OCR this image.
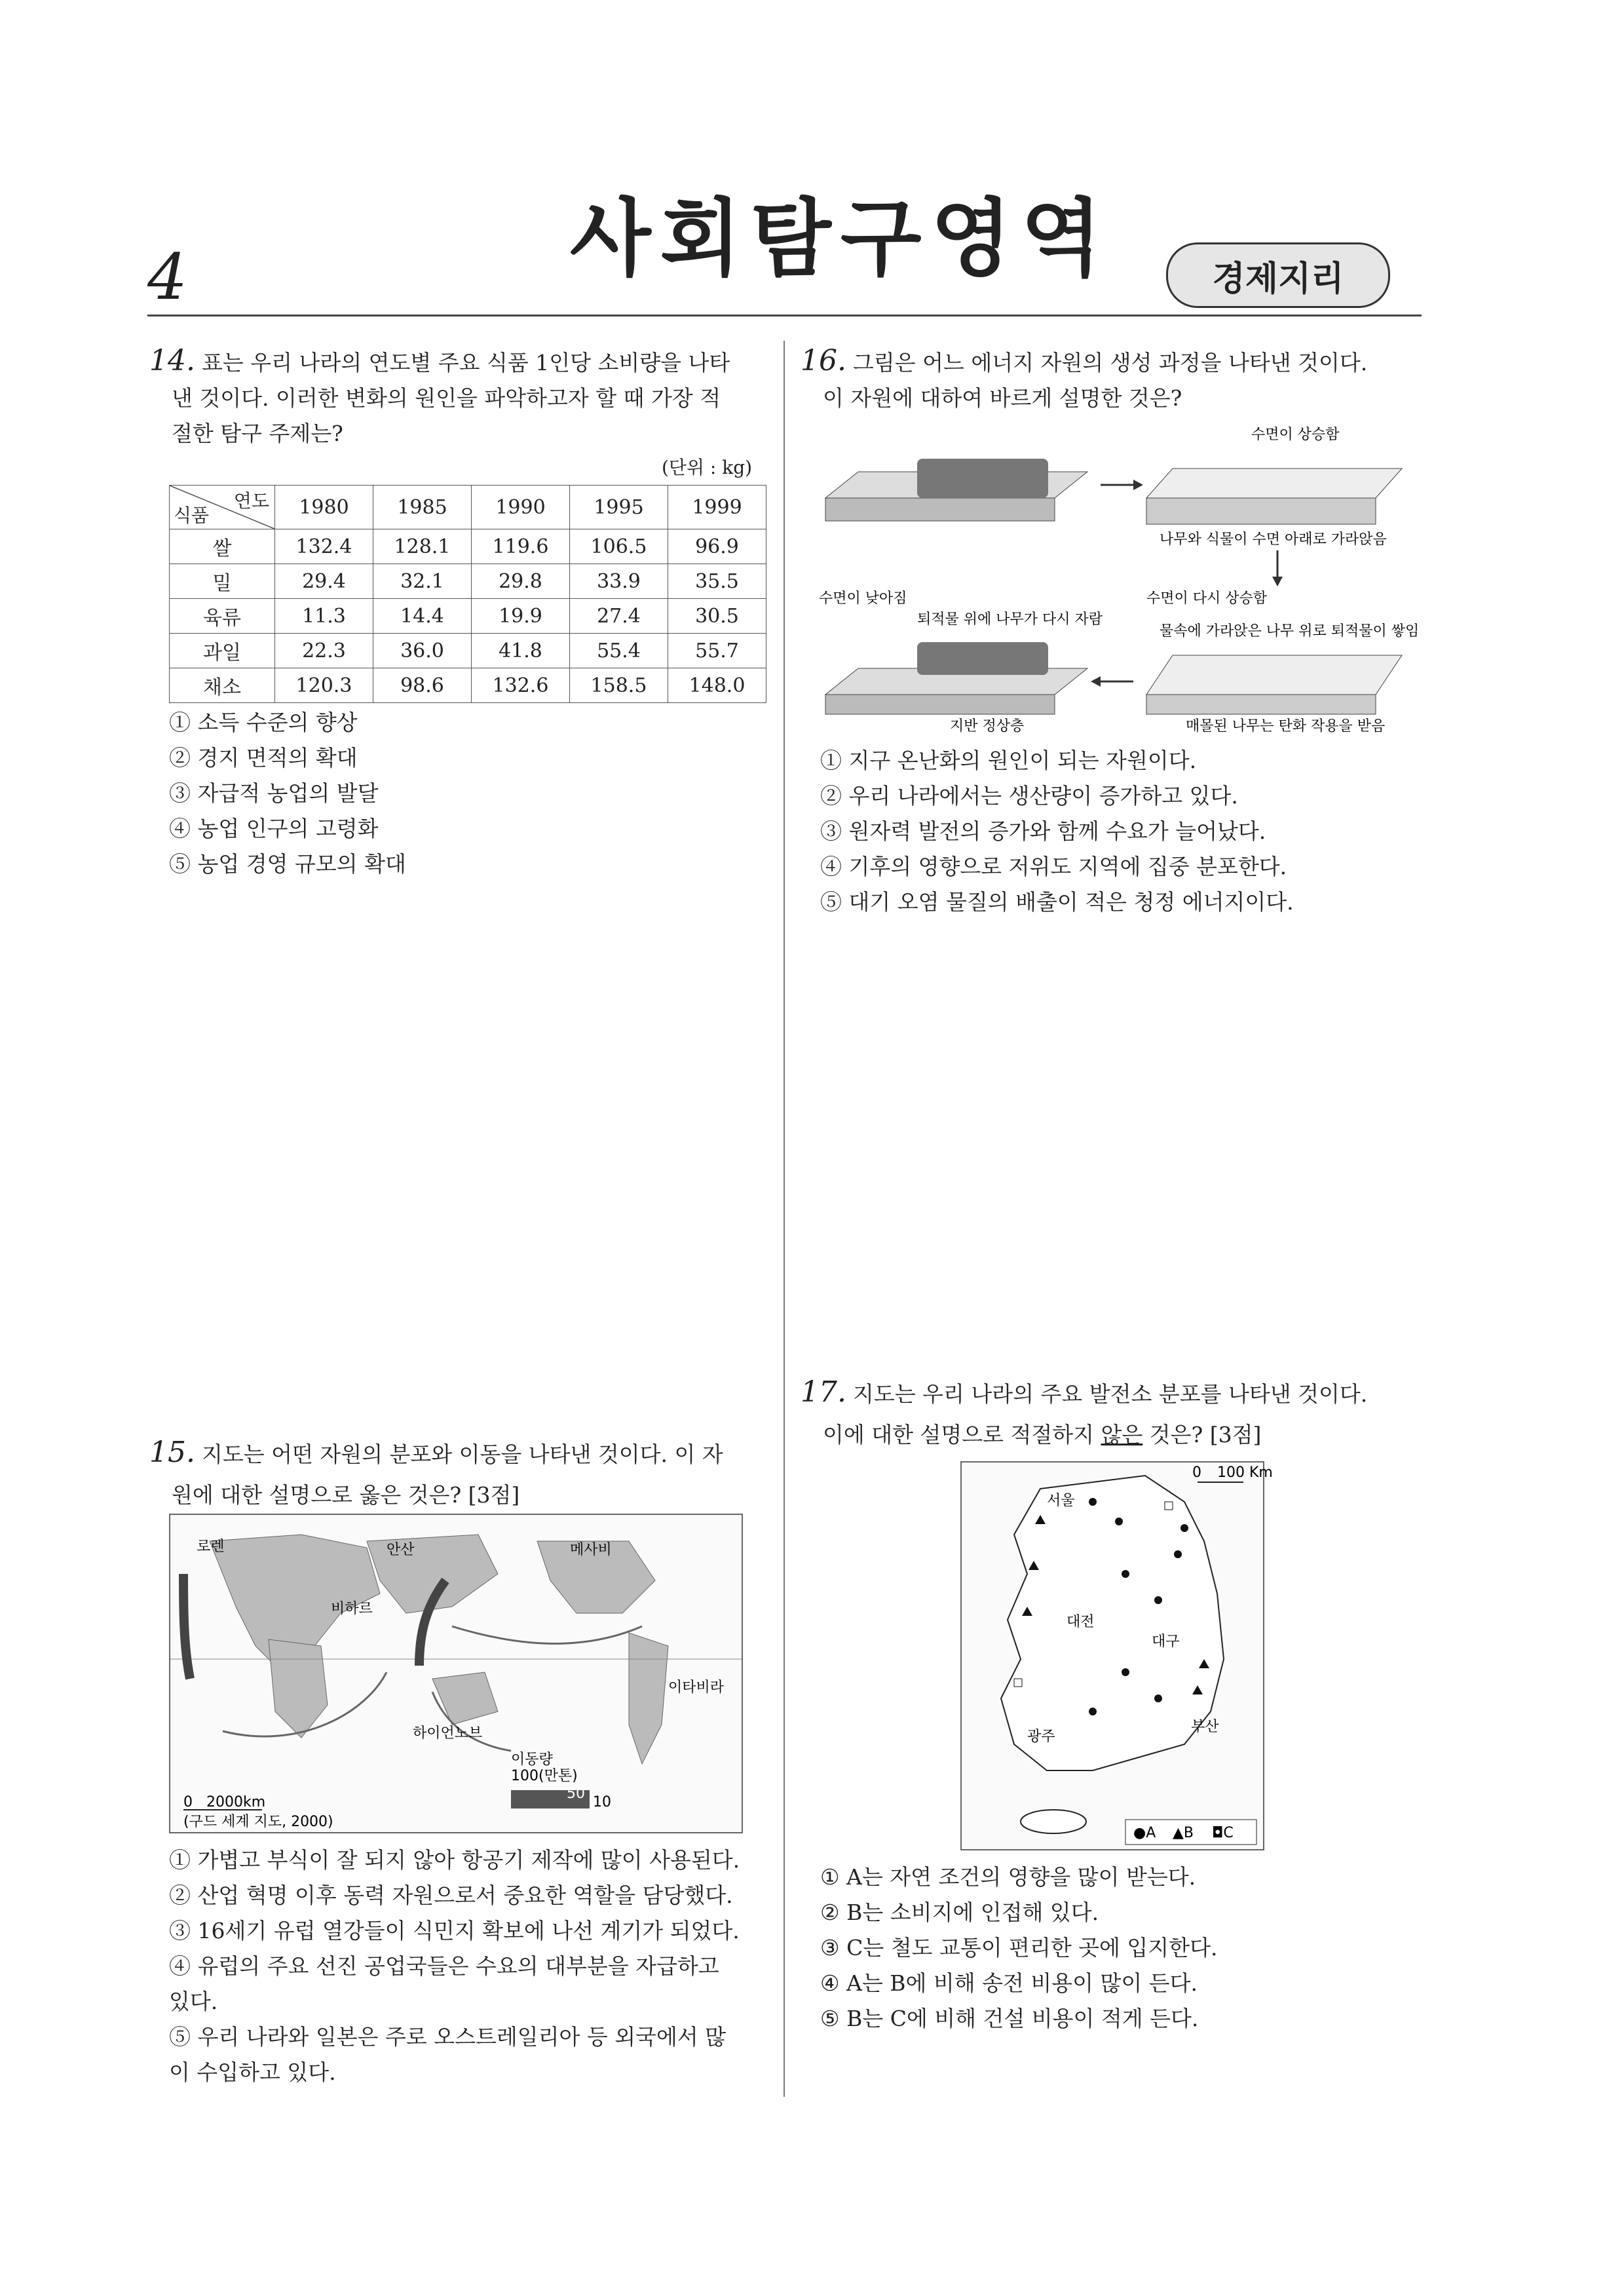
4	사회탐구영역	경제지리
14. 표는 우리 나라의 연도별 주요 식품 1인당 소비량을 나타
낸 것이다. 이러한 변화의 원인을 파악하고자 할 때 가장 적
절한 탐구 주제는?
(단위 : kg)
연도
식품	1980	1985	1990	1995	1999
쌀	132.4	128.1	119.6	106.5	96.9
밀	29.4	32.1	29.8	33.9	35.5
육류	11.3	14.4	19.9	27.4	30.5
과일	22.3	36.0	41.8	55.4	55.7
채소	120.3	98.6	132.6	158.5	148.0
① 소득 수준의 향상
② 경지 면적의 확대
③ 자급적 농업의 발달
④ 농업 인구의 고령화
⑤ 농업 경영 규모의 확대
16. 그림은 어느 에너지 자원의 생성 과정을 나타낸 것이다.
이 자원에 대하여 바르게 설명한 것은?
수면이 상승함
나무와 식물이 수면 아래로 가라앉음
수면이 낮아짐	수면이 다시 상승함
퇴적물 위에 나무가 다시 자람
물속에 가라앉은 나무 위로 퇴적물이 쌓임
지반 정상층	매몰된 나무는 탄화 작용을 받음
① 지구 온난화의 원인이 되는 자원이다.
② 우리 나라에서는 생산량이 증가하고 있다.
③ 원자력 발전의 증가와 함께 수요가 늘어났다.
④ 기후의 영향으로 저위도 지역에 집중 분포한다.
⑤ 대기 오염 물질의 배출이 적은 청정 에너지이다.
17. 지도는 우리 나라의 주요 발전소 분포를 나타낸 것이다.
이에 대한 설명으로 적절하지 않은 것은? [3점]
0 100 Km
서울
대전
대구
광주
부산
●A ▲B ◘C
① A는 자연 조건의 영향을 많이 받는다.
② B는 소비지에 인접해 있다.
③ C는 철도 교통이 편리한 곳에 입지한다.
④ A는 B에 비해 송전 비용이 많이 든다.
⑤ B는 C에 비해 건설 비용이 적게 든다.
15. 지도는 어떤 자원의 분포와 이동을 나타낸 것이다. 이 자
원에 대한 설명으로 옳은 것은? [3점]
로렌	안산	메사비
비하르
하이언노브
이타비라
이동량
100(만톤)
50
10
0 2000km
(구드 세계 지도, 2000)
① 가볍고 부식이 잘 되지 않아 항공기 제작에 많이 사용된다.
② 산업 혁명 이후 동력 자원으로서 중요한 역할을 담당했다.
③ 16세기 유럽 열강들이 식민지 확보에 나선 계기가 되었다.
④ 유럽의 주요 선진 공업국들은 수요의 대부분을 자급하고
있다.
⑤ 우리 나라와 일본은 주로 오스트레일리아 등 외국에서 많
이 수입하고 있다.
